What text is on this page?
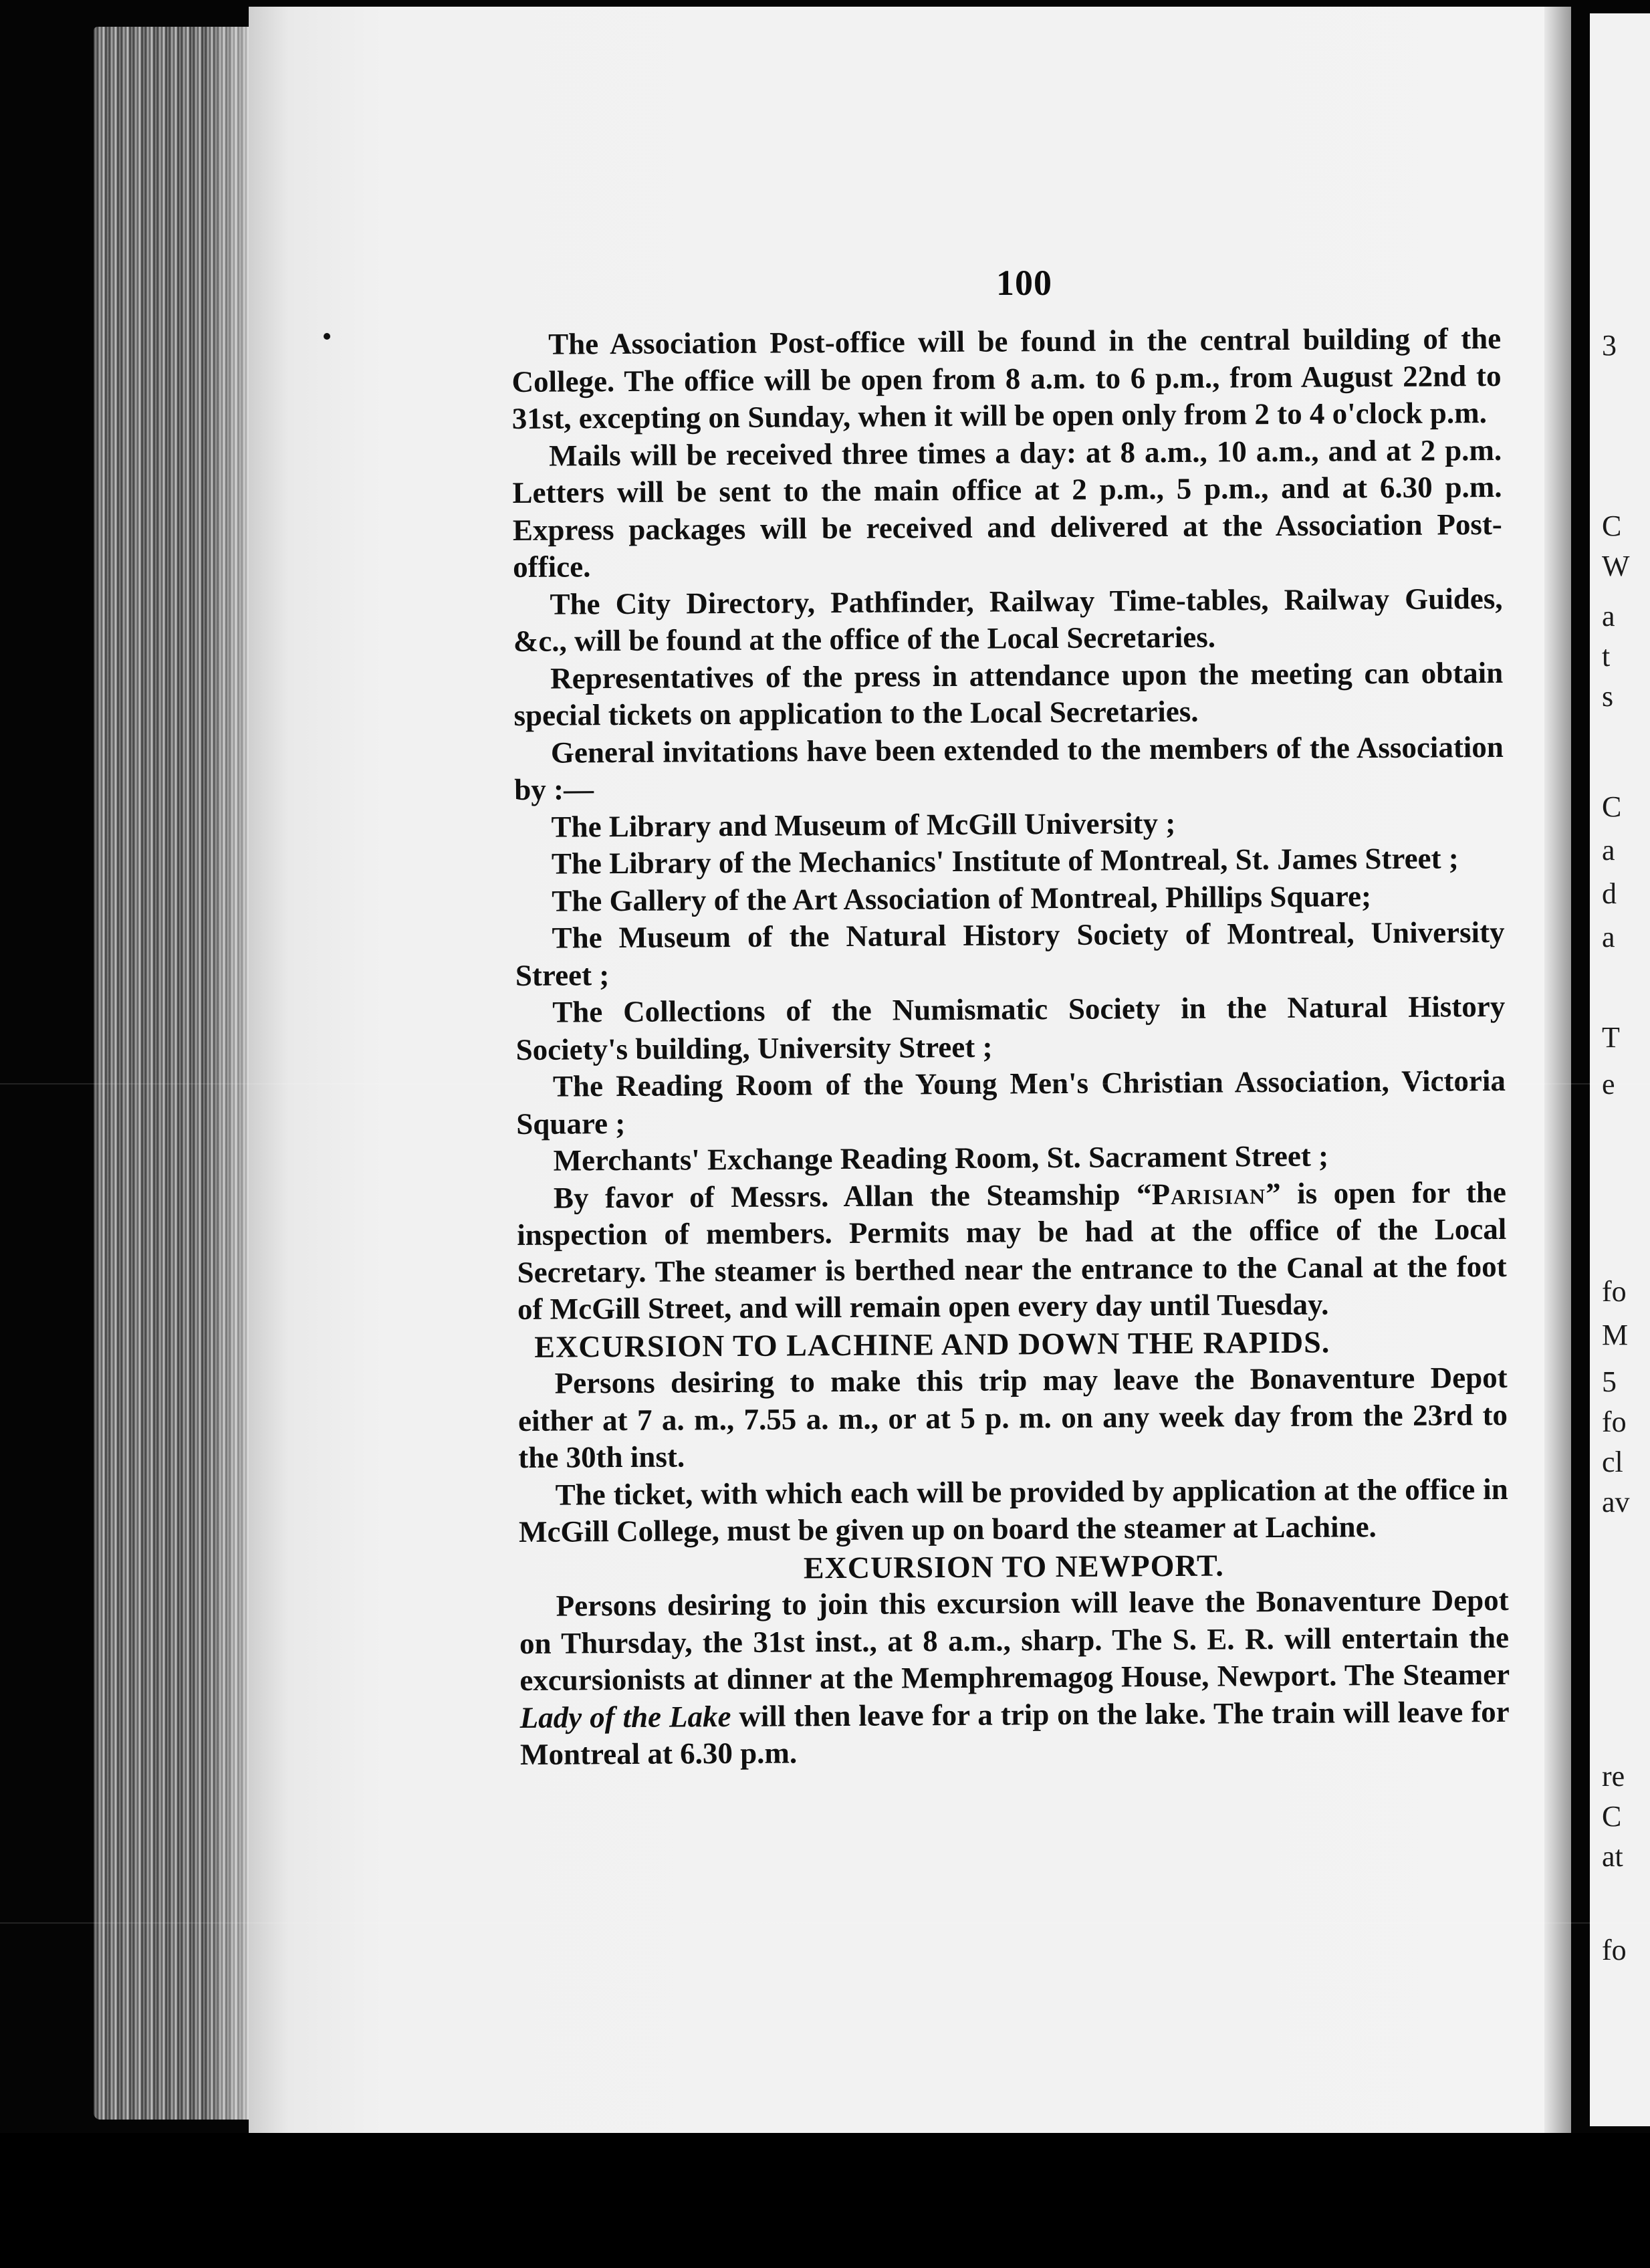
3
C
W
a
t
s
C
a
d
a
T
e
fo
M
5
fo
cl
av
re
C
at
fo
100

The Association Post-office will be found in the central building of the College. The office will be open from 8 a.m. to 6 p.m., from August 22nd to 31st, excepting on Sunday, when it will be open only from 2 to 4 o'clock p.m.

Mails will be received three times a day: at 8 a.m., 10 a.m., and at 2 p.m. Letters will be sent to the main office at 2 p.m., 5 p.m., and at 6.30 p.m. Express packages will be received and delivered at the Association Post-office.

The City Directory, Pathfinder, Railway Time-tables, Railway Guides, &c., will be found at the office of the Local Secretaries.

Representatives of the press in attendance upon the meeting can obtain special tickets on application to the Local Secretaries.

General invitations have been extended to the members of the Association by :—

The Library and Museum of McGill University ;

The Library of the Mechanics' Institute of Montreal, St. James Street ;

The Gallery of the Art Association of Montreal, Phillips Square;

The Museum of the Natural History Society of Montreal, University Street ;

The Collections of the Numismatic Society in the Natural History Society's building, University Street ;

The Reading Room of the Young Men's Christian Association, Victoria Square ;

Merchants' Exchange Reading Room, St. Sacrament Street ;

By favor of Messrs. Allan the Steamship “Parisian” is open for the inspection of members. Permits may be had at the office of the Local Secretary. The steamer is berthed near the entrance to the Canal at the foot of McGill Street, and will remain open every day until Tuesday.

EXCURSION TO LACHINE AND DOWN THE RAPIDS.

Persons desiring to make this trip may leave the Bonaventure Depot either at 7 a. m., 7.55 a. m., or at 5 p. m. on any week day from the 23rd to the 30th inst.

The ticket, with which each will be provided by application at the office in McGill College, must be given up on board the steamer at Lachine.

EXCURSION TO NEWPORT.

Persons desiring to join this excursion will leave the Bonaventure Depot on Thursday, the 31st inst., at 8 a.m., sharp. The S. E. R. will entertain the excursionists at dinner at the Memphremagog House, Newport. The Steamer Lady of the Lake will then leave for a trip on the lake. The train will leave for Montreal at 6.30 p.m.
